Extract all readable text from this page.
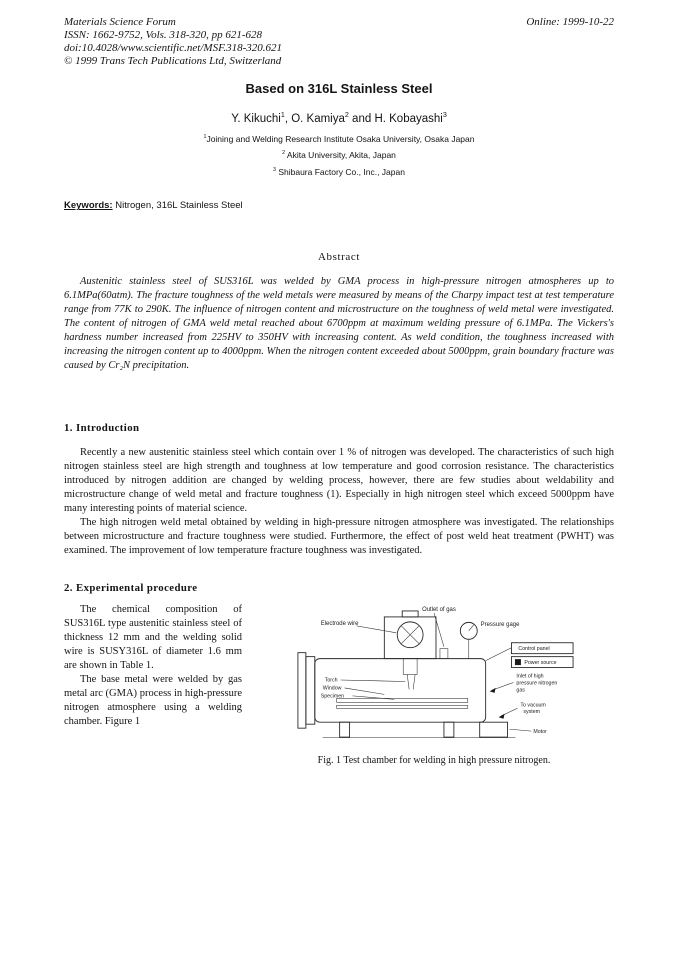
Materials Science Forum	Online: 1999-10-22
ISSN: 1662-9752, Vols. 318-320, pp 621-628
doi:10.4028/www.scientific.net/MSF.318-320.621
© 1999 Trans Tech Publications Ltd, Switzerland
Based on 316L Stainless Steel
Y. Kikuchi$^1$, O. Kamiya$^2$ and H. Kobayashi$^3$
$^1$Joining and Welding Research Institute Osaka University, Osaka Japan
$^2$ Akita University, Akita, Japan
$^3$ Shibaura Factory Co., Inc., Japan
Keywords: Nitrogen, 316L Stainless Steel
Abstract

Austenitic stainless steel of SUS316L was welded by GMA process in high-pressure nitrogen atmospheres up to 6.1MPa(60atm). The fracture toughness of the weld metals were measured by means of the Charpy impact test at test temperature range from 77K to 290K. The influence of nitrogen content and microstructure on the toughness of weld metal were investigated. The content of nitrogen of GMA weld metal reached about 6700ppm at maximum welding pressure of 6.1MPa. The Vickers's hardness number increased from 225HV to 350HV with increasing content. As weld condition, the toughness increased with increasing the nitrogen content up to 4000ppm. When the nitrogen content exceeded about 5000ppm, grain boundary fracture was caused by Cr₂N precipitation.

1. Introduction

Recently a new austenitic stainless steel which contain over 1 % of nitrogen was developed. The characteristics of such high nitrogen stainless steel are high strength and toughness at low temperature and good corrosion resistance. The characteristics introduced by nitrogen addition are changed by welding process, however, there are few studies about weldability and microstructure change of weld metal and fracture toughness (1). Especially in high nitrogen steel which exceed 5000ppm have many interesting points of material science.

The high nitrogen weld metal obtained by welding in high-pressure nitrogen atmosphere was investigated. The relationships between microstructure and fracture toughness were studied. Furthermore, the effect of post weld heat treatment (PWHT) was examined. The improvement of low temperature fracture toughness was investigated.

2. Experimental procedure

The chemical composition of SUS316L type austenitic stainless steel of thickness 12 mm and the welding solid wire is SUSY316L of diameter 1.6 mm are shown in Table 1.

The base metal were welded by gas metal arc (GMA) process in high-pressure nitrogen atmosphere using a welding chamber. Figure 1

Outlet of gas
Electrode wire	Pressure gage
Control panel
Power source
Inlet of high
pressure nitrogen
gas
To vacuum
system
Motor
Torch
Window
Specimen
Fig. 1 Test chamber for welding in high pressure nitrogen.
